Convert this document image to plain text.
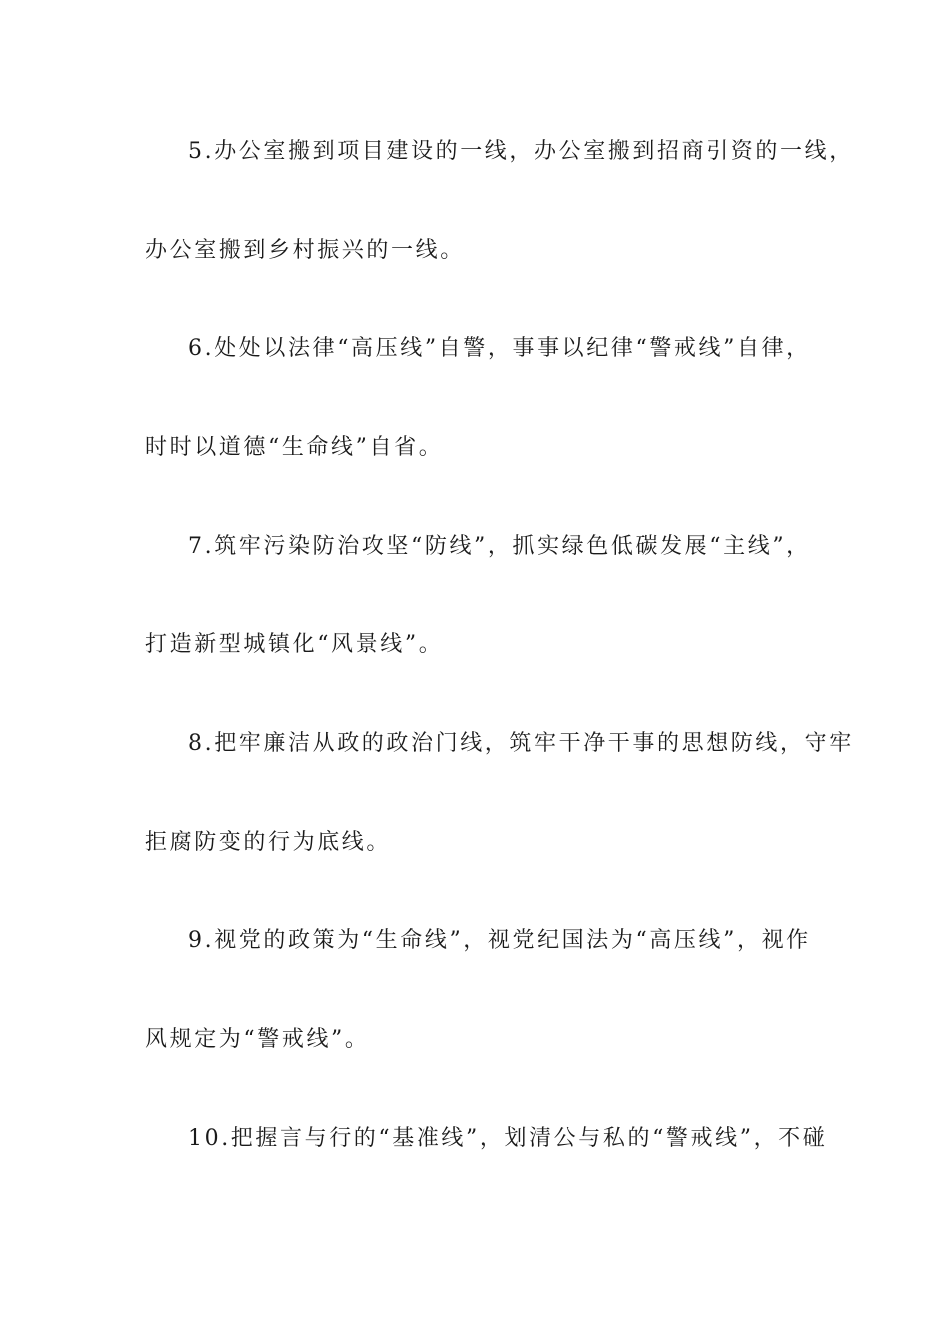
5.办公室搬到项目建设的一线，办公室搬到招商引资的一线，
办公室搬到乡村振兴的一线。
6.处处以法律“高压线”自警，事事以纪律“警戒线”自律，
时时以道德“生命线”自省。
7.筑牢污染防治攻坚“防线”，抓实绿色低碳发展“主线”，
打造新型城镇化“风景线”。
8.把牢廉洁从政的政治门线，筑牢干净干事的思想防线，守牢
拒腐防变的行为底线。
9.视党的政策为“生命线”，视党纪国法为“高压线”，视作
风规定为“警戒线”。
10.把握言与行的“基准线”，划清公与私的“警戒线”，不碰
